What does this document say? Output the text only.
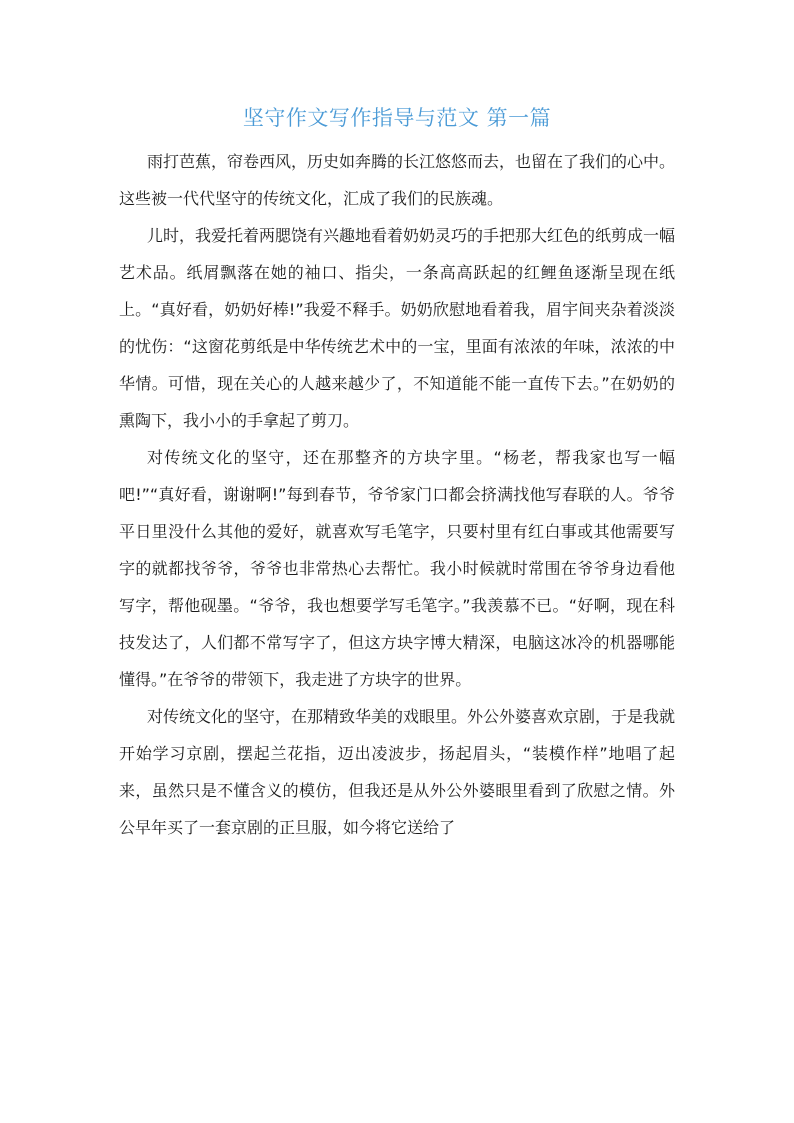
坚守作文写作指导与范文 第一篇

雨打芭蕉，帘卷西风，历史如奔腾的长江悠悠而去，也留在了我们的心中。这些被一代代坚守的传统文化，汇成了我们的民族魂。

儿时，我爱托着两腮饶有兴趣地看着奶奶灵巧的手把那大红色的纸剪成一幅艺术品。纸屑飘落在她的袖口、指尖，一条高高跃起的红鲤鱼逐渐呈现在纸上。“真好看，奶奶好棒!”我爱不释手。奶奶欣慰地看着我，眉宇间夹杂着淡淡的忧伤：“这窗花剪纸是中华传统艺术中的一宝，里面有浓浓的年味，浓浓的中华情。可惜，现在关心的人越来越少了，不知道能不能一直传下去。”在奶奶的熏陶下，我小小的手拿起了剪刀。

对传统文化的坚守，还在那整齐的方块字里。“杨老，帮我家也写一幅吧!”“真好看，谢谢啊!”每到春节，爷爷家门口都会挤满找他写春联的人。爷爷平日里没什么其他的爱好，就喜欢写毛笔字，只要村里有红白事或其他需要写字的就都找爷爷，爷爷也非常热心去帮忙。我小时候就时常围在爷爷身边看他写字，帮他砚墨。“爷爷，我也想要学写毛笔字。”我羡慕不已。“好啊，现在科技发达了，人们都不常写字了，但这方块字博大精深，电脑这冰冷的机器哪能懂得。”在爷爷的带领下，我走进了方块字的世界。

对传统文化的坚守，在那精致华美的戏眼里。外公外婆喜欢京剧，于是我就开始学习京剧，摆起兰花指，迈出凌波步，扬起眉头，“装模作样”地唱了起来，虽然只是不懂含义的模仿，但我还是从外公外婆眼里看到了欣慰之情。外公早年买了一套京剧的正旦服，如今将它送给了
